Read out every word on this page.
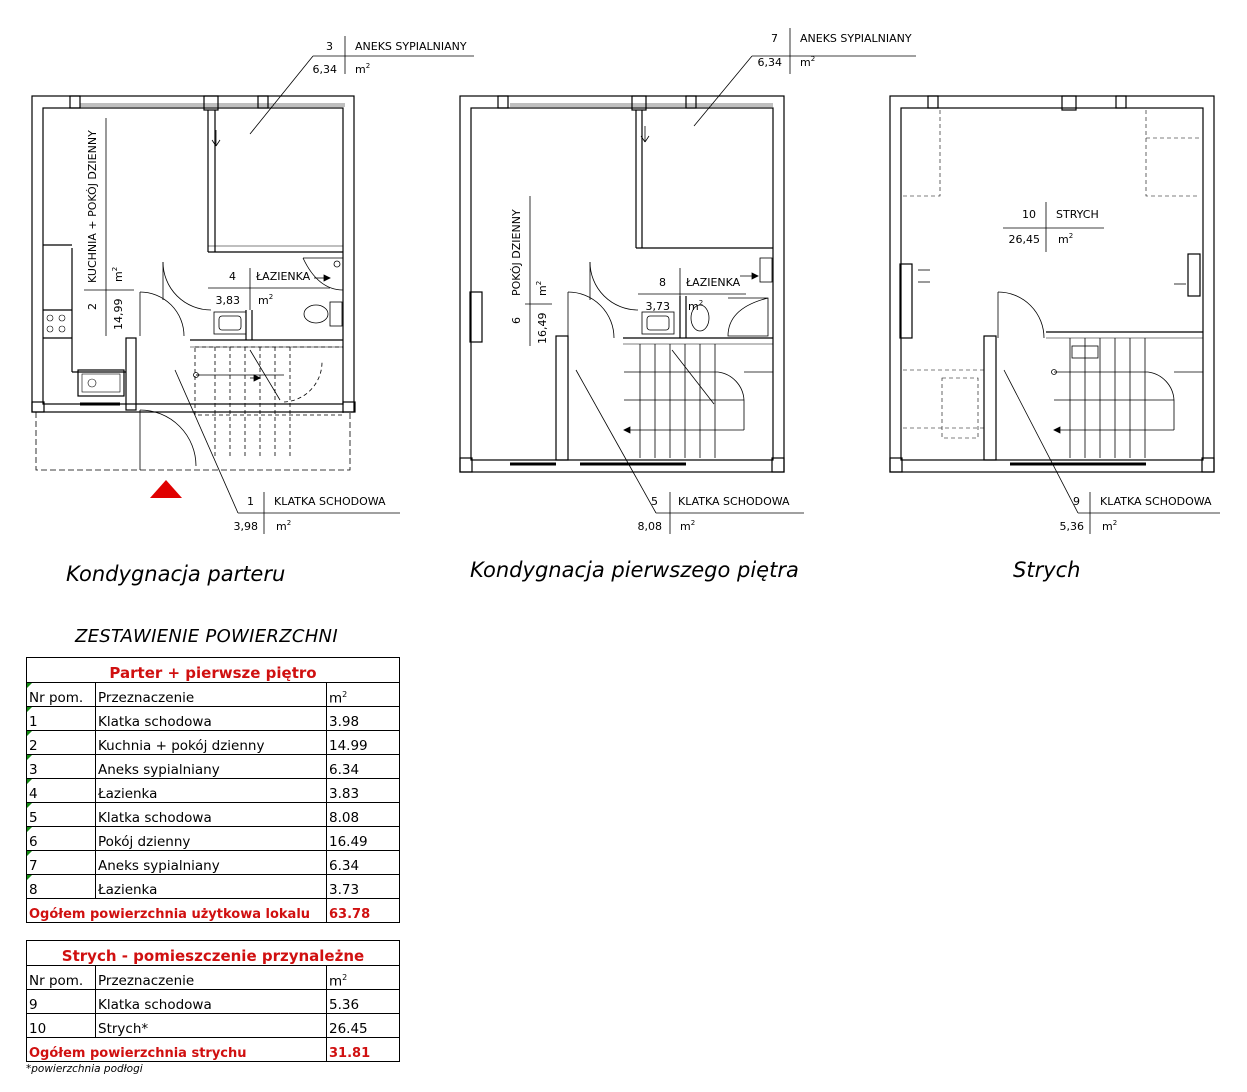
3 ANEKS SYPIALNIANY
6,34 $m^2$
4 ŁAZIENKA
3,83 $m^2$
KUCHNIA + POKÓJ DZIENNY
2 14,99
$m^2$
1 KLATKA SCHODOWA
3,98 $m^2$
7 ANEKS SYPIALNIANY
6,34 $m^2$
8 ŁAZIENKA
3,73 $m^2$
POKÓJ DZIENNY
6 16,49
$m^2$
5 KLATKA SCHODOWA
8,08 $m^2$
10 STRYCH
26,45 $m^2$
9 KLATKA SCHODOWA
5,36 $m^2$
Kondygnacja parteru	Kondygnacja pierwszego piętra	Strych
ZESTAWIENIE POWIERZCHNI
Parter + pierwsze piętro		
Nr pom.	Przeznaczenie	$m^2$
1	Klatka schodowa	3.98
2	Kuchnia + pokój dzienny	14.99
3	Aneks sypialniany	6.34
4	Łazienka	3.83
5	Klatka schodowa	8.08
6	Pokój dzienny	16.49
7	Aneks sypialniany	6.34
8	Łazienka	3.73
Ogółem powierzchnia użytkowa lokalu		63.78
Strych - pomieszczenie przynależne		
Nr pom.	Przeznaczenie	$m^2$
9	Klatka schodowa	5.36
10	Strych*	26.45
Ogółem powierzchnia strychu		31.81
*powierzchnia podłogi
